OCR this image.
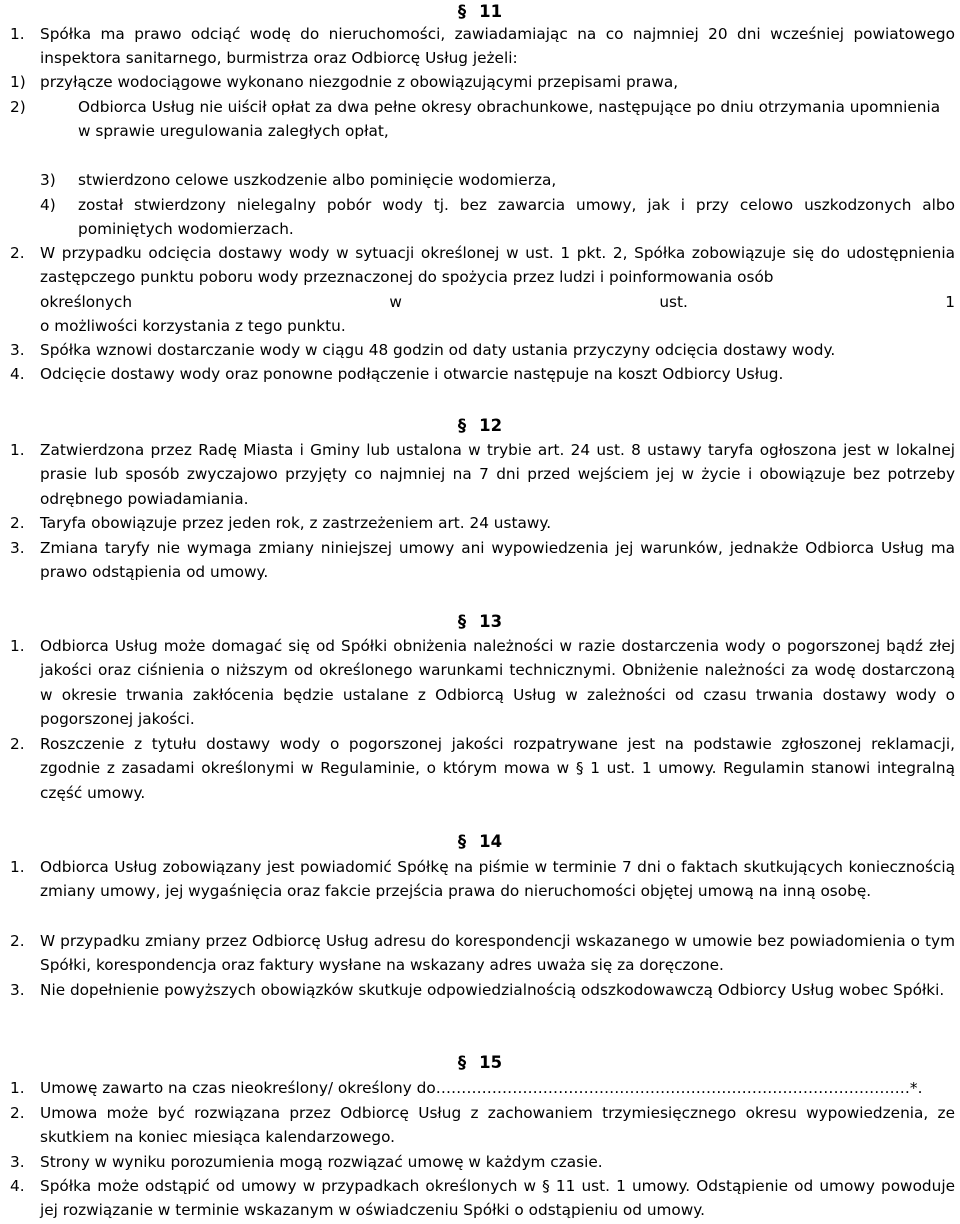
§ 11
1. Spółka ma prawo odciąć wodę do nieruchomości, zawiadamiając na co najmniej 20 dni wcześniej powiatowego inspektora sanitarnego, burmistrza oraz Odbiorcę Usług jeżeli:
1) przyłącze wodociągowe wykonano niezgodnie z obowiązującymi przepisami prawa,
2)	Odbiorca Usług nie uiścił opłat za dwa pełne okresy obrachunkowe, następujące po dniu otrzymania upomnienia
w sprawie uregulowania zaległych opłat,
3) stwierdzono celowe uszkodzenie albo pominięcie wodomierza,
4) został stwierdzony nielegalny pobór wody tj. bez zawarcia umowy, jak i przy celowo uszkodzonych albo pominiętych wodomierzach.
2. W przypadku odcięcia dostawy wody w sytuacji określonej w ust. 1 pkt. 2, Spółka zobowiązuje się do udostępnienia zastępczego punktu poboru wody przeznaczonej do spożycia przez ludzi i poinformowania osób
określonych	w	ust.	1
o możliwości korzystania z tego punktu.
3. Spółka wznowi dostarczanie wody w ciągu 48 godzin od daty ustania przyczyny odcięcia dostawy wody.
4. Odcięcie dostawy wody oraz ponowne podłączenie i otwarcie następuje na koszt Odbiorcy Usług.
§ 12
1. Zatwierdzona przez Radę Miasta i Gminy lub ustalona w trybie art. 24 ust. 8 ustawy taryfa ogłoszona jest w lokalnej prasie lub sposób zwyczajowo przyjęty co najmniej na 7 dni przed wejściem jej w życie i obowiązuje bez potrzeby odrębnego powiadamiania.
2. Taryfa obowiązuje przez jeden rok, z zastrzeżeniem art. 24 ustawy.
3. Zmiana taryfy nie wymaga zmiany niniejszej umowy ani wypowiedzenia jej warunków, jednakże Odbiorca Usług ma prawo odstąpienia od umowy.
§ 13
1. Odbiorca Usług może domagać się od Spółki obniżenia należności w razie dostarczenia wody o pogorszonej bądź złej jakości oraz ciśnienia o niższym od określonego warunkami technicznymi. Obniżenie należności za wodę dostarczoną w okresie trwania zakłócenia będzie ustalane z Odbiorcą Usług w zależności od czasu trwania dostawy wody o pogorszonej jakości.
2. Roszczenie z tytułu dostawy wody o pogorszonej jakości rozpatrywane jest na podstawie zgłoszonej reklamacji, zgodnie z zasadami określonymi w Regulaminie, o którym mowa w § 1 ust. 1 umowy. Regulamin stanowi integralną część umowy.
§ 14
1. Odbiorca Usług zobowiązany jest powiadomić Spółkę na piśmie w terminie 7 dni o faktach skutkujących koniecznością zmiany umowy, jej wygaśnięcia oraz fakcie przejścia prawa do nieruchomości objętej umową na inną osobę.
2. W przypadku zmiany przez Odbiorcę Usług adresu do korespondencji wskazanego w umowie bez powiadomienia o tym Spółki, korespondencja oraz faktury wysłane na wskazany adres uważa się za doręczone.
3. Nie dopełnienie powyższych obowiązków skutkuje odpowiedzialnością odszkodowawczą Odbiorcy Usług wobec Spółki.
§ 15
1. Umowę zawarto na czas nieokreślony/ określony do…………………………………………………………………………………*.
2. Umowa może być rozwiązana przez Odbiorcę Usług z zachowaniem trzymiesięcznego okresu wypowiedzenia, ze skutkiem na koniec miesiąca kalendarzowego.
3. Strony w wyniku porozumienia mogą rozwiązać umowę w każdym czasie.
4. Spółka może odstąpić od umowy w przypadkach określonych w § 11 ust. 1 umowy. Odstąpienie od umowy powoduje jej rozwiązanie w terminie wskazanym w oświadczeniu Spółki o odstąpieniu od umowy.
